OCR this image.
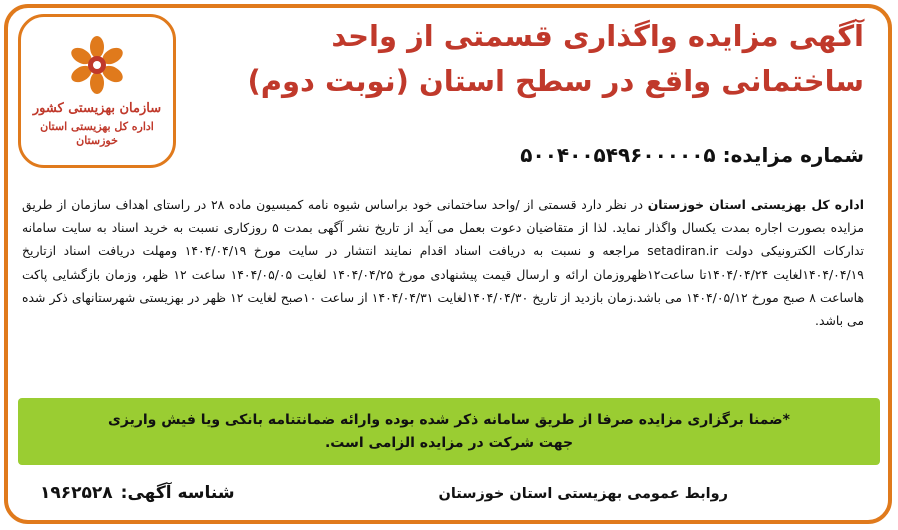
سازمان بهزیستی کشور
اداره کل بهزیستی استان خوزستان
آگهی مزایده واگذاری قسمتی از واحد
ساختمانی واقع در سطح استان (نوبت دوم)
شماره مزایده: ۵۰۰۴۰۰۵۴۹۶۰۰۰۰۰۵
اداره کل بهزیستی استان خوزستان در نظر دارد قسمتی از /واحد ساختمانی خود براساس شیوه نامه کمیسیون ماده ۲۸ در راستای اهداف سازمان از طریق مزایده بصورت اجاره بمدت یکسال واگذار نماید. لذا از متقاضیان دعوت بعمل می آید از تاریخ نشر آگهی بمدت ۵ روزکاری نسبت به خرید اسناد به سایت سامانه تدارکات الکترونیکی دولت setadiran.ir مراجعه و نسبت به دریافت اسناد اقدام نمایند انتشار در سایت مورخ ۱۴۰۴/۰۴/۱۹ ومهلت دریافت اسناد ازتاریخ ۱۴۰۴/۰۴/۱۹لغایت ۱۴۰۴/۰۴/۲۴تا ساعت۱۲ظهروزمان ارائه و ارسال قیمت پیشنهادی مورخ ۱۴۰۴/۰۴/۲۵ لغایت ۱۴۰۴/۰۵/۰۵ ساعت ۱۲ ظهر، وزمان بازگشایی پاکت هاساعت ۸ صبح مورخ ۱۴۰۴/۰۵/۱۲ می باشد.زمان بازدید از تاریخ ۱۴۰۴/۰۴/۳۰لغایت ۱۴۰۴/۰۴/۳۱ از ساعت ۱۰صبح لغایت ۱۲ ظهر در بهزیستی شهرستانهای ذکر شده می باشد.
*ضمنا برگزاری مزایده صرفا از طریق سامانه ذکر شده بوده وارائه ضمانتنامه بانکی ویا فیش واریزی
جهت شرکت در مزایده الزامی است.
روابط عمومی بهزیستی استان خوزستان
شناسه آگهی:
۱۹۶۲۵۲۸
